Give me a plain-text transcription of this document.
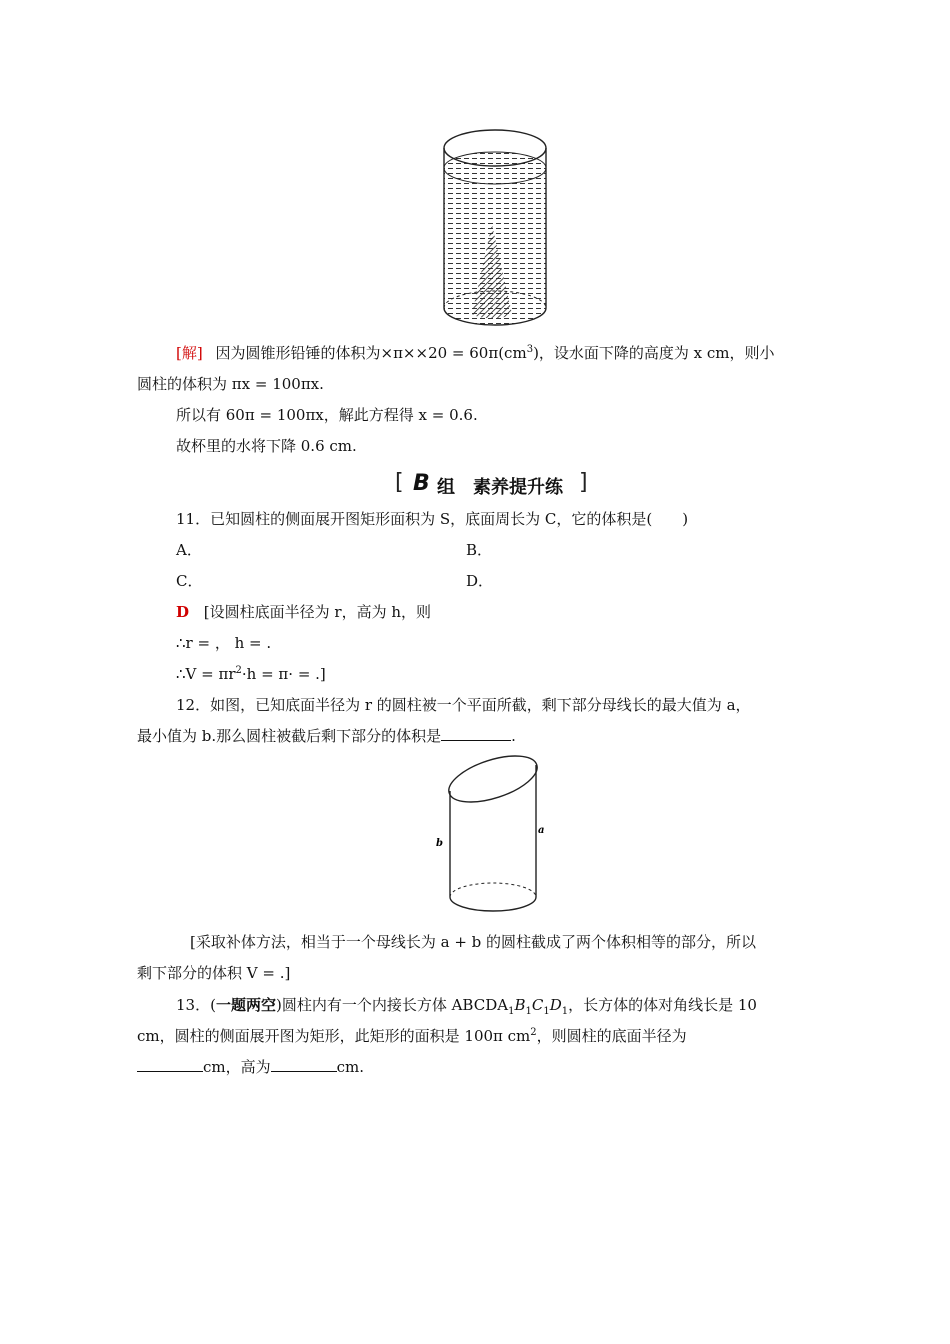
[解] 因为圆锥形铅锤的体积为$\times\pi\times\times 20 = 60\pi(cm^3)$，设水面下降的高度为 x cm，则小
圆柱的体积为 πx = 100πx.
所以有 60π = 100πx，解此方程得 x = 0.6.
故杯里的水将下降 0.6 cm.
[ B 组　素养提升练 ]
11．已知圆柱的侧面展开图矩形面积为 S，底面周长为 C，它的体积是(　　)
A．	B．
C．	D．
D [设圆柱底面半径为 r，高为 h，则
∴r = ， h = .
∴V = $\pi r^2\cdot h = \pi\cdot$ = .]
12．如图，已知底面半径为 r 的圆柱被一个平面所截，剩下部分母线长的最大值为 a，
最小值为 b.那么圆柱被截后剩下部分的体积是	.
b
a
[采取补体方法，相当于一个母线长为 a + b 的圆柱截成了两个体积相等的部分，所以
剩下部分的体积 V = .]
13．(一题两空)圆柱内有一个内接长方体 $ABCDA_1B_1C_1D_1$，长方体的体对角线长是 10
cm，圆柱的侧面展开图为矩形，此矩形的面积是 100π $cm^2$，则圆柱的底面半径为
cm，高为	cm.
